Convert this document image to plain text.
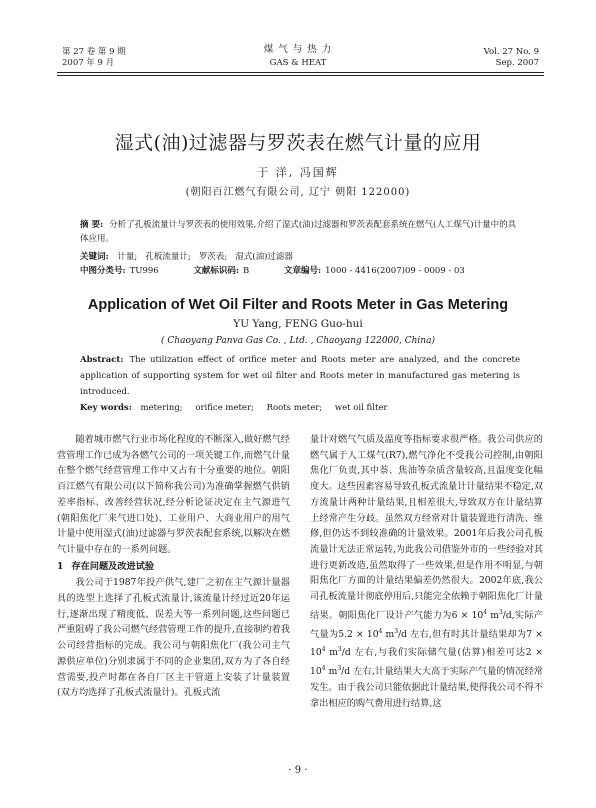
第 27 卷 第 9 期
2007 年 9 月
煤 气 与 热 力
GAS & HEAT
Vol. 27 No. 9
Sep. 2007
湿式(油)过滤器与罗茨表在燃气计量的应用
于 洋, 冯国辉
(朝阳百江燃气有限公司, 辽宁 朝阳 122000)
摘 要: 分析了孔板流量计与罗茨表的使用效果,介绍了湿式(油)过滤器和罗茨表配套系统在燃气(人工煤气)计量中的具体应用。
关键词: 计量; 孔板流量计; 罗茨表; 湿式(油)过滤器
中图分类号: TU996	文献标识码: B	文章编号: 1000 - 4416(2007)09 - 0009 - 03
Application of Wet Oil Filter and Roots Meter in Gas Metering
YU Yang, FENG Guo-hui
( Chaoyang Panva Gas Co. , Ltd. , Chaoyang 122000, China)
Abstract: The utilization effect of orifice meter and Roots meter are analyzed, and the concrete application of supporting system for wet oil filter and Roots meter in manufactured gas metering is introduced.
Key words: metering; orifice meter; Roots meter; wet oil filter

随着城市燃气行业市场化程度的不断深入,做好燃气经营管理工作已成为各燃气公司的一项关键工作,而燃气计量在整个燃气经营管理工作中又占有十分重要的地位。朝阳百江燃气有限公司(以下简称我公司)为准确掌握燃气供销差率指标、改善经营状况,经分析论证决定在主气源进气(朝阳焦化厂来气进口处)、工业用户、大商业用户的用气计量中使用湿式(油)过滤器与罗茨表配套系统,以解决在燃气计量中存在的一系列问题。

1 存在问题及改进试验

我公司于1987年投产供气,建厂之初在主气源计量器具的选型上选择了孔板式流量计,该流量计经过近20年运行,逐渐出现了精度低、误差大等一系列问题,这些问题已严重阻碍了我公司燃气经营管理工作的提升,直接制约着我公司经营指标的完成。我公司与朝阳焦化厂(我公司主气源供应单位)分别隶属于不同的企业集团,双方为了各自经营需要,投产时都在各自厂区主干管道上安装了计量装置(双方均选择了孔板式流量计)。孔板式流

量计对燃气气质及温度等指标要求很严格。我公司供应的燃气属于人工煤气(R7),燃气净化不受我公司控制,由朝阳焦化厂负责,其中萘、焦油等杂质含量较高,且温度变化幅度大。这些因素容易导致孔板式流量计计量结果不稳定,双方流量计两种计量结果,且相差很大,导致双方在计量结算上经常产生分歧。虽然双方经常对计量装置进行清洗、维修,但仍达不到较准确的计量效果。2001年后我公司孔板流量计无法正常运转,为此我公司借鉴外市的一些经验对其进行更新改造,虽然取得了一些效果,但是作用不明显,与朝阳焦化厂方面的计量结果偏差仍然很大。2002年底,我公司孔板流量计彻底停用后,只能完全依赖于朝阳焦化厂计量结果。朝阳焦化厂设计产气能力为$6 \times 10^4$ $m^3/d$,实际产气量为$5.2 \times 10^4$ $m^3/d$ 左右,但有时其计量结果却为$7 \times 10^4$ $m^3/d$ 左右,与我们实际储气量(估算)相差可达$2 \times 10^4$ $m^3/d$ 左右,计量结果大大高于实际产气量的情况经常发生。由于我公司只能依据此计量结果,使得我公司不得不拿出相应的购气费用进行结算,这

· 9 ·
